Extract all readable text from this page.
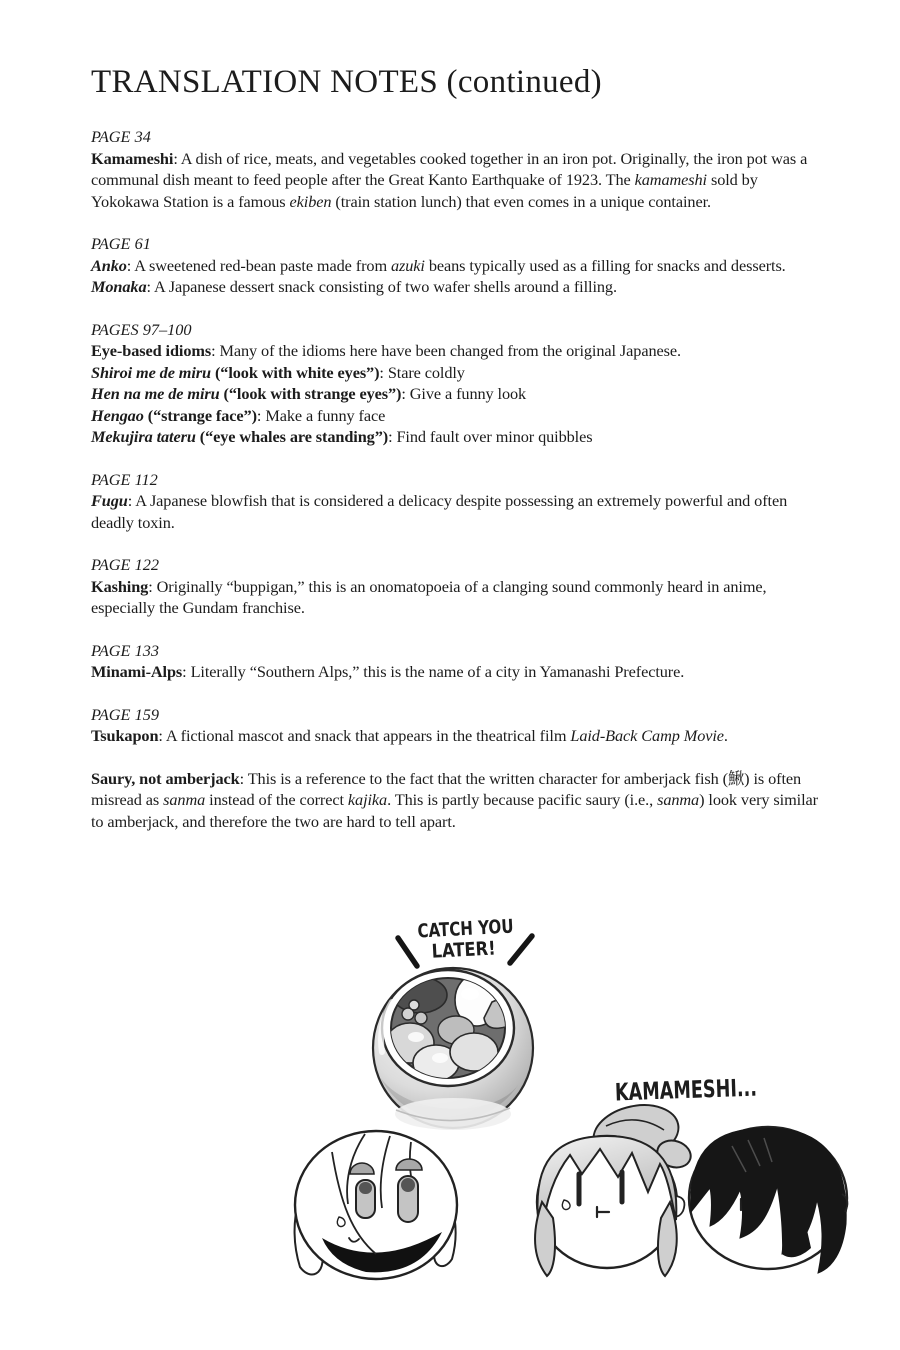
TRANSLATION NOTES (continued)

PAGE 34

Kamameshi: A dish of rice, meats, and vegetables cooked together in an iron pot. Originally, the iron pot was a communal dish meant to feed people after the Great Kanto Earthquake of 1923. The kamameshi sold by Yokokawa Station is a famous ekiben (train station lunch) that even comes in a unique container.

PAGE 61

Anko: A sweetened red-bean paste made from azuki beans typically used as a filling for snacks and desserts.

Monaka: A Japanese dessert snack consisting of two wafer shells around a filling.

PAGES 97–100

Eye-based idioms: Many of the idioms here have been changed from the original Japanese.

Shiroi me de miru (“look with white eyes”): Stare coldly

Hen na me de miru (“look with strange eyes”): Give a funny look

Hengao (“strange face”): Make a funny face

Mekujira tateru (“eye whales are standing”): Find fault over minor quibbles

PAGE 112

Fugu: A Japanese blowfish that is considered a delicacy despite possessing an extremely powerful and often deadly toxin.

PAGE 122

Kashing: Originally “buppigan,” this is an onomatopoeia of a clanging sound commonly heard in anime, especially the Gundam franchise.

PAGE 133

Minami-Alps: Literally “Southern Alps,” this is the name of a city in Yamanashi Prefecture.

PAGE 159

Tsukapon: A fictional mascot and snack that appears in the theatrical film Laid-Back Camp Movie.

Saury, not amberjack: This is a reference to the fact that the written character for amberjack fish (鰍) is often misread as sanma instead of the correct kajika. This is partly because pacific saury (i.e., sanma) look very similar to amberjack, and therefore the two are hard to tell apart.

CATCH YOU
LATER!
KAMAMESHI...
